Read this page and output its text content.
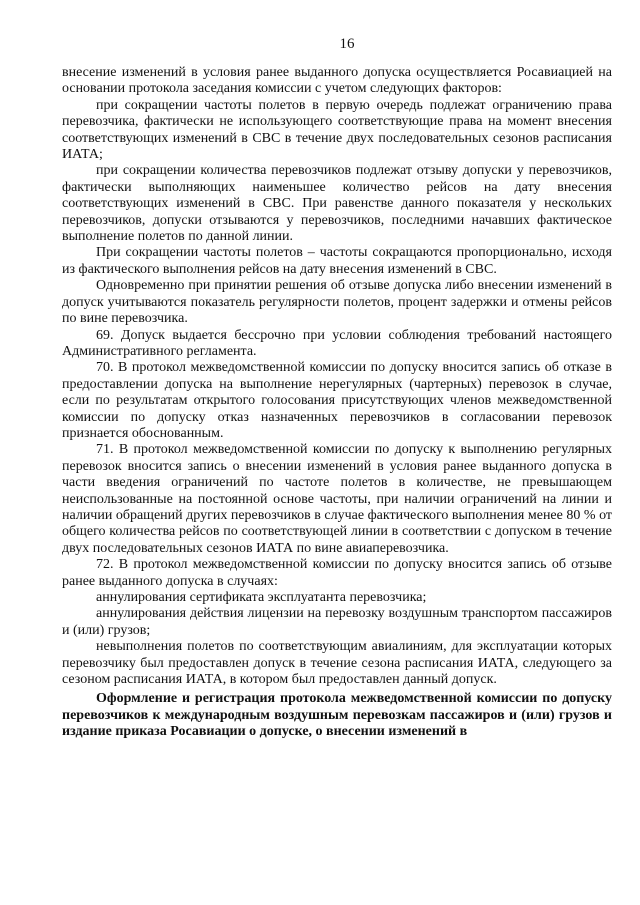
16

внесение изменений в условия ранее выданного допуска осуществляется Росавиацией на основании протокола заседания комиссии с учетом следующих факторов:

при сокращении частоты полетов в первую очередь подлежат ограничению права перевозчика, фактически не использующего соответствующие права на момент внесения соответствующих изменений в СВС в течение двух последовательных сезонов расписания ИАТА;

при сокращении количества перевозчиков подлежат отзыву допуски у перевозчиков, фактически выполняющих наименьшее количество рейсов на дату внесения соответствующих изменений в СВС. При равенстве данного показателя у нескольких перевозчиков, допуски отзываются у перевозчиков, последними начавших фактическое выполнение полетов по данной линии.

При сокращении частоты полетов – частоты сокращаются пропорционально, исходя из фактического выполнения рейсов на дату внесения изменений в СВС.

Одновременно при принятии решения об отзыве допуска либо внесении изменений в допуск учитываются показатель регулярности полетов, процент задержки и отмены рейсов по вине перевозчика.

69. Допуск выдается бессрочно при условии соблюдения требований настоящего Административного регламента.

70. В протокол межведомственной комиссии по допуску вносится запись об отказе в предоставлении допуска на выполнение нерегулярных (чартерных) перевозок в случае, если по результатам открытого голосования присутствующих членов межведомственной комиссии по допуску отказ назначенных перевозчиков в согласовании перевозок признается обоснованным.

71. В протокол межведомственной комиссии по допуску к выполнению регулярных перевозок вносится запись о внесении изменений в условия ранее выданного допуска в части введения ограничений по частоте полетов в количестве, не превышающем неиспользованные на постоянной основе частоты, при наличии ограничений на линии и наличии обращений других перевозчиков в случае фактического выполнения менее 80 % от общего количества рейсов по соответствующей линии в соответствии с допуском в течение двух последовательных сезонов ИАТА по вине авиаперевозчика.

72. В протокол межведомственной комиссии по допуску вносится запись об отзыве ранее выданного допуска в случаях:

аннулирования сертификата эксплуатанта перевозчика;

аннулирования действия лицензии на перевозку воздушным транспортом пассажиров и (или) грузов;

невыполнения полетов по соответствующим авиалиниям, для эксплуатации которых перевозчику был предоставлен допуск в течение сезона расписания ИАТА, следующего за сезоном расписания ИАТА, в котором был предоставлен данный допуск.

Оформление и регистрация протокола межведомственной комиссии по допуску перевозчиков к международным воздушным перевозкам пассажиров и (или) грузов и издание приказа Росавиации о допуске, о внесении изменений в
